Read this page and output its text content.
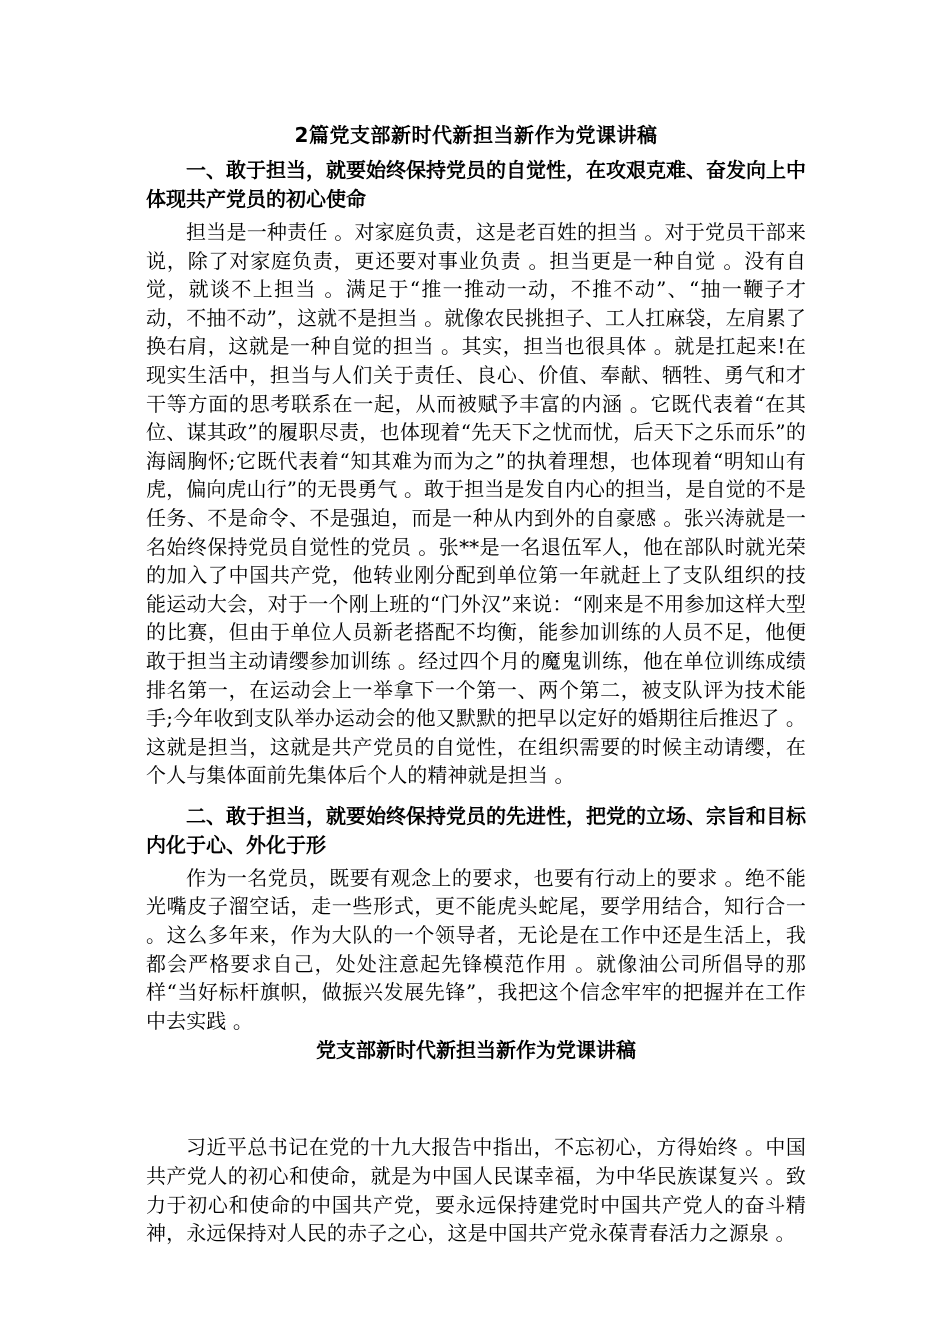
2篇党支部新时代新担当新作为党课讲稿
一、敢于担当，就要始终保持党员的自觉性，在攻艰克难、奋发向上中体现共产党员的初心使命

担当是一种责任 。对家庭负责，这是老百姓的担当 。对于党员干部来说，除了对家庭负责，更还要对事业负责 。担当更是一种自觉 。没有自觉，就谈不上担当 。满足于“推一推动一动，不推不动”、“抽一鞭子才动，不抽不动”，这就不是担当 。就像农民挑担子、工人扛麻袋，左肩累了换右肩，这就是一种自觉的担当 。其实，担当也很具体 。就是扛起来!在现实生活中，担当与人们关于责任、良心、价值、奉献、牺牲、勇气和才干等方面的思考联系在一起，从而被赋予丰富的内涵 。它既代表着“在其位、谋其政”的履职尽责，也体现着“先天下之忧而忧，后天下之乐而乐”的海阔胸怀;它既代表着“知其难为而为之”的执着理想，也体现着“明知山有虎，偏向虎山行”的无畏勇气 。敢于担当是发自内心的担当，是自觉的不是任务、不是命令、不是强迫，而是一种从内到外的自豪感 。张兴涛就是一名始终保持党员自觉性的党员 。张**是一名退伍军人，他在部队时就光荣的加入了中国共产党，他转业刚分配到单位第一年就赶上了支队组织的技能运动大会，对于一个刚上班的“门外汉”来说：“刚来是不用参加这样大型的比赛，但由于单位人员新老搭配不均衡，能参加训练的人员不足，他便敢于担当主动请缨参加训练 。经过四个月的魔鬼训练，他在单位训练成绩排名第一，在运动会上一举拿下一个第一、两个第二，被支队评为技术能手;今年收到支队举办运动会的他又默默的把早以定好的婚期往后推迟了 。这就是担当，这就是共产党员的自觉性，在组织需要的时候主动请缨，在个人与集体面前先集体后个人的精神就是担当 。

二、敢于担当，就要始终保持党员的先进性，把党的立场、宗旨和目标内化于心、外化于形

作为一名党员，既要有观念上的要求，也要有行动上的要求 。绝不能光嘴皮子溜空话，走一些形式，更不能虎头蛇尾，要学用结合，知行合一 。这么多年来，作为大队的一个领导者，无论是在工作中还是生活上，我都会严格要求自己，处处注意起先锋模范作用 。就像油公司所倡导的那样“当好标杆旗帜，做振兴发展先锋”，我把这个信念牢牢的把握并在工作中去实践 。

党支部新时代新担当新作为党课讲稿

习近平总书记在党的十九大报告中指出，不忘初心，方得始终 。中国共产党人的初心和使命，就是为中国人民谋幸福，为中华民族谋复兴 。致力于初心和使命的中国共产党，要永远保持建党时中国共产党人的奋斗精神，永远保持对人民的赤子之心，这是中国共产党永葆青春活力之源泉 。
